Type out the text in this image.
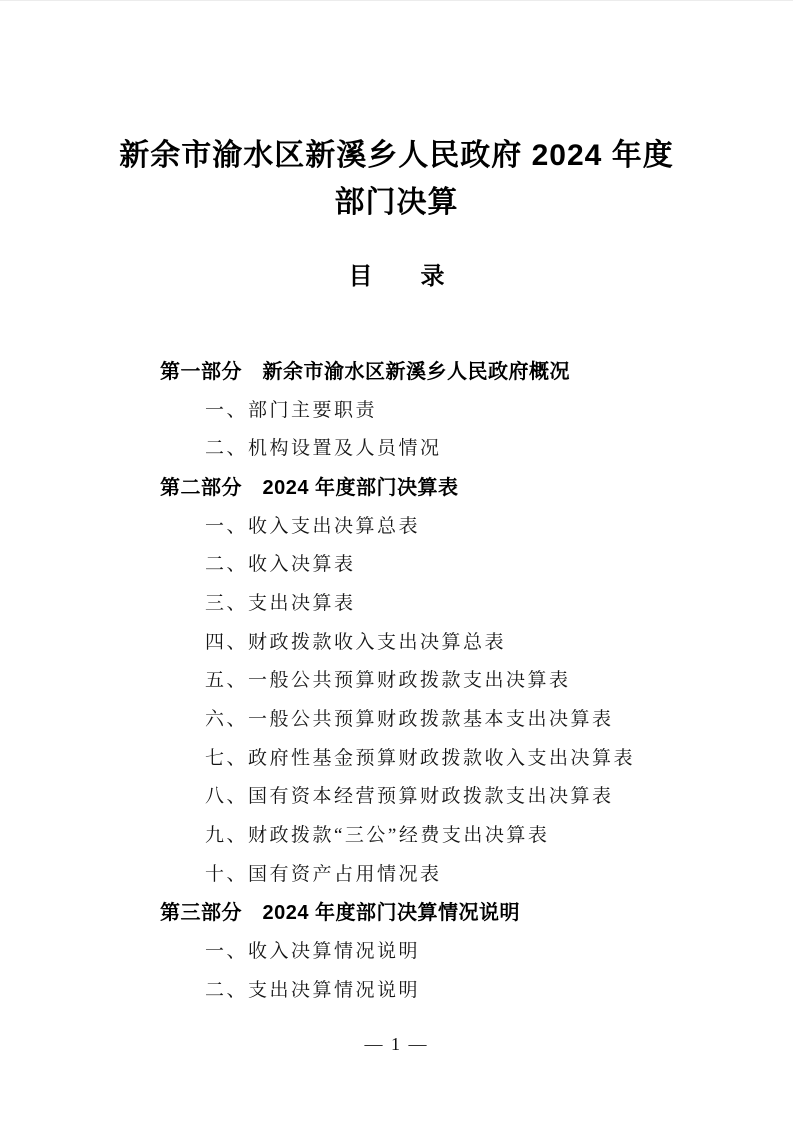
新余市渝水区新溪乡人民政府 2024 年度部门决算
目　　录
第一部分　新余市渝水区新溪乡人民政府概况
一、部门主要职责
二、机构设置及人员情况
第二部分　2024 年度部门决算表
一、收入支出决算总表
二、收入决算表
三、支出决算表
四、财政拨款收入支出决算总表
五、一般公共预算财政拨款支出决算表
六、一般公共预算财政拨款基本支出决算表
七、政府性基金预算财政拨款收入支出决算表
八、国有资本经营预算财政拨款支出决算表
九、财政拨款“三公”经费支出决算表
十、国有资产占用情况表
第三部分　2024 年度部门决算情况说明
一、收入决算情况说明
二、支出决算情况说明
— 1 —
